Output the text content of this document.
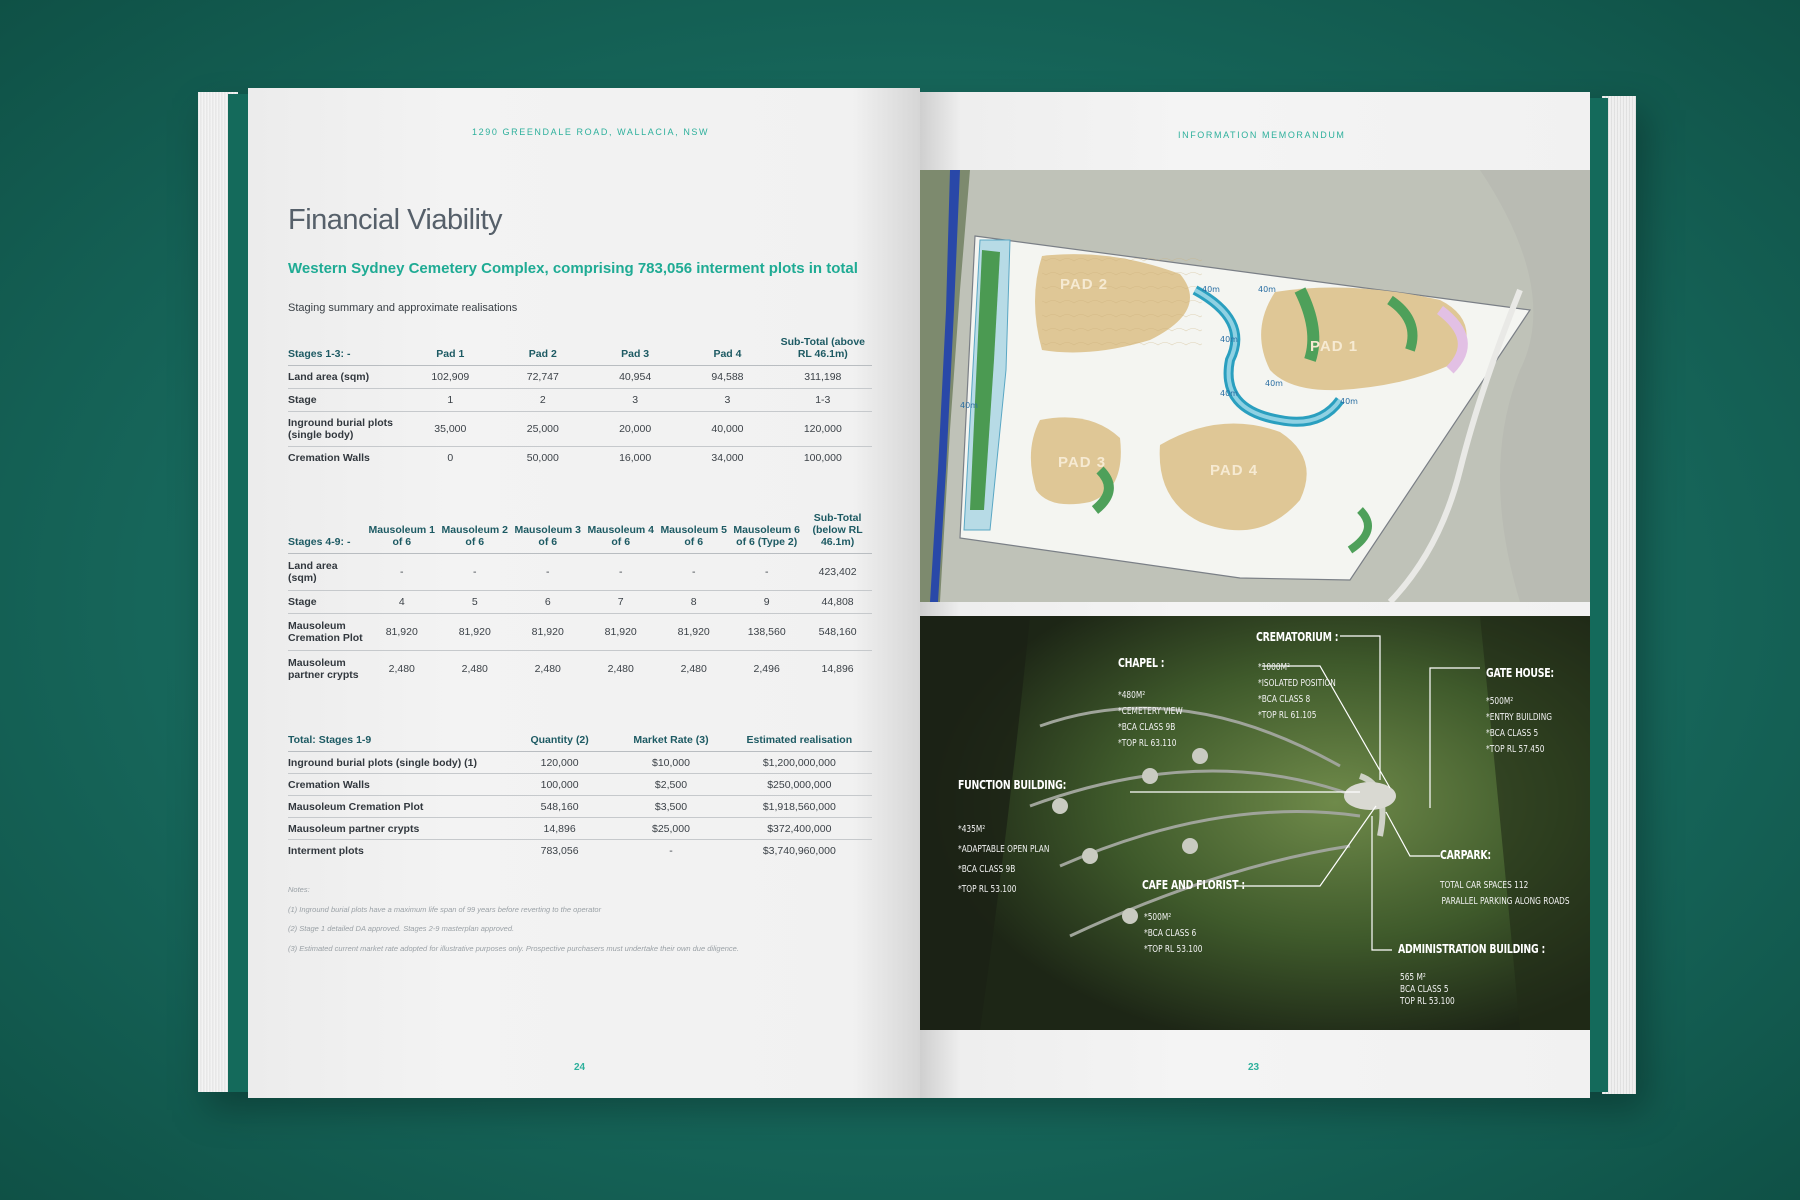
1290 GREENDALE ROAD, WALLACIA, NSW
Financial Viability
Western Sydney Cemetery Complex, comprising 783,056 interment plots in total
Staging summary and approximate realisations
Stages 1-3: -	Pad 1	Pad 2	Pad 3	Pad 4	Sub-Total (above RL 46.1m)
Land area (sqm)	102,909	72,747	40,954	94,588	311,198
Stage	1	2	3	3	1-3
Inground burial plots (single body)	35,000	25,000	20,000	40,000	120,000
Cremation Walls	0	50,000	16,000	34,000	100,000
Stages 4-9: -	Mausoleum 1 of 6	Mausoleum 2 of 6	Mausoleum 3 of 6	Mausoleum 4 of 6	Mausoleum 5 of 6	Mausoleum 6 of 6 (Type 2)	Sub-Total (below RL 46.1m)
Land area (sqm)	-	-	-	-	-	-	423,402
Stage	4	5	6	7	8	9	44,808
Mausoleum Cremation Plot	81,920	81,920	81,920	81,920	81,920	138,560	548,160
Mausoleum partner crypts	2,480	2,480	2,480	2,480	2,480	2,496	14,896
Total: Stages 1-9	Quantity (2)	Market Rate (3)	Estimated realisation
Inground burial plots (single body) (1)	120,000	$10,000	$1,200,000,000
Cremation Walls	100,000	$2,500	$250,000,000
Mausoleum Cremation Plot	548,160	$3,500	$1,918,560,000
Mausoleum partner crypts	14,896	$25,000	$372,400,000
Interment plots	783,056	-	$3,740,960,000
Notes:
(1) Inground burial plots have a maximum life span of 99 years before reverting to the operator
(2) Stage 1 detailed DA approved. Stages 2-9 masterplan approved.
(3) Estimated current market rate adopted for illustrative purposes only. Prospective purchasers must undertake their own due diligence.
24
INFORMATION MEMORANDUM
PAD 2
PAD 1
PAD 3	PAD 4
40m	40m
40m
40m
40m
40m
40m
CREMATORIUM :
*1000M²
*ISOLATED POSITION
*BCA CLASS 8
*TOP RL 61.105
CHAPEL :
*480M²
*CEMETERY VIEW
*BCA CLASS 9B
*TOP RL 63.110
GATE HOUSE:
*500M²
*ENTRY BUILDING
*BCA CLASS 5
*TOP RL 57.450
FUNCTION BUILDING:
*435M²
*ADAPTABLE OPEN PLAN
*BCA CLASS 9B
*TOP RL 53.100
CARPARK:
TOTAL CAR SPACES 112
PARALLEL PARKING ALONG ROADS
CAFE AND FLORIST :
*500M²
*BCA CLASS 6
*TOP RL 53.100	ADMINISTRATION BUILDING :
565 M²
BCA CLASS 5
TOP RL 53.100
23
